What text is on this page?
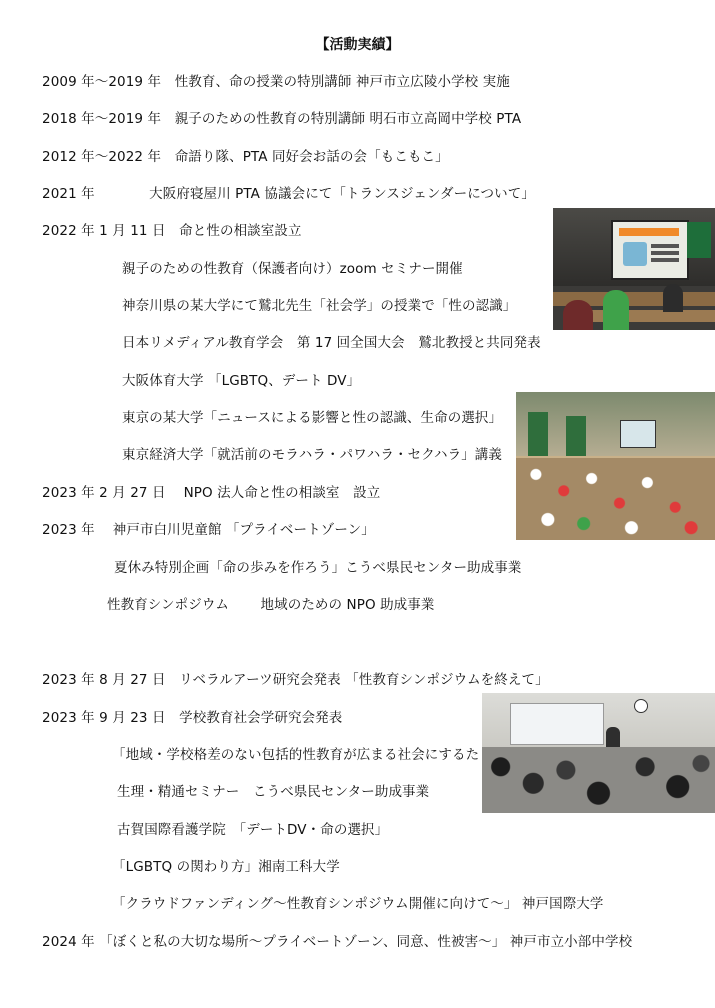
【活動実績】
2009 年～2019 年　性教育、命の授業の特別講師 神戸市立広陵小学校 実施
2018 年～2019 年　親子のための性教育の特別講師 明石市立高岡中学校 PTA
2012 年～2022 年　命語り隊、PTA 同好会お話の会「もこもこ」
2021 年　　　　大阪府寝屋川 PTA 協議会にて「トランスジェンダーについて」
2022 年 1 月 11 日　命と性の相談室設立
親子のための性教育（保護者向け）zoom セミナー開催
神奈川県の某大学にて鷲北先生「社会学」の授業で「性の認識」
日本リメディアル教育学会　第 17 回全国大会　鷲北教授と共同発表
大阪体育大学 「LGBTQ、デート DV」
東京の某大学「ニュースによる影響と性の認識、生命の選択」
東京経済大学「就活前のモラハラ・パワハラ・セクハラ」講義
2023 年 2 月 27 日　 NPO 法人命と性の相談室　設立
2023 年　 神戸市白川児童館 「プライベートゾーン」
夏休み特別企画「命の歩みを作ろう」こうべ県民センター助成事業
性教育シンポジウム　　 地域のための NPO 助成事業
2023 年 8 月 27 日　リベラルアーツ研究会発表 「性教育シンポジウムを終えて」
2023 年 9 月 23 日　学校教育社会学研究会発表
「地域・学校格差のない包括的性教育が広まる社会にするた
生理・精通セミナー　こうべ県民センター助成事業
古賀国際看護学院　「デートDV・命の選択」
「LGBTQ の関わり方」湘南工科大学
「クラウドファンディング～性教育シンポジウム開催に向けて～」 神戸国際大学
2024 年 「ぼくと私の大切な場所～プライベートゾーン、同意、性被害～」 神戸市立小部中学校
